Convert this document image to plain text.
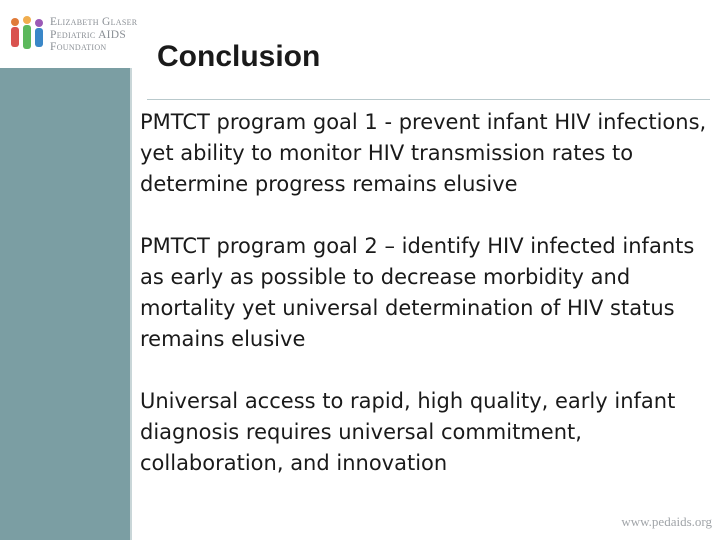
Elizabeth Glaser
Pediatric AIDS
Foundation	Conclusion

PMTCT program goal 1 - prevent infant HIV infections, yet ability to monitor HIV transmission rates to determine progress remains elusive

PMTCT program goal 2 – identify HIV infected infants as early as possible to decrease morbidity and mortality yet universal determination of HIV status remains elusive

Universal access to rapid, high quality, early infant diagnosis requires universal commitment, collaboration, and innovation

www.pedaids.org
